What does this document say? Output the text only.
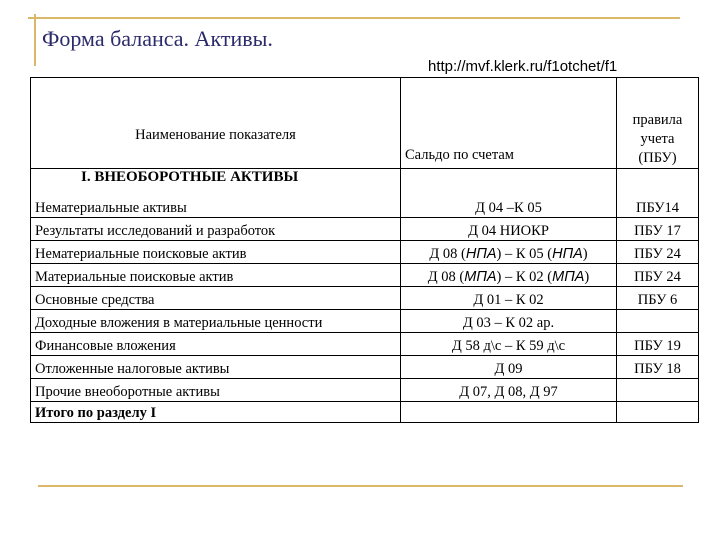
Форма баланса. Активы.
http://mvf.klerk.ru/f1otchet/f1
Наименование показателя	Сальдо по счетам	правила
учета
(ПБУ)

I. ВНЕОБОРОТНЫЕ АКТИВЫ		
Нематериальные активы	Д 04 –К 05	ПБУ14
Результаты исследований и разработок	Д 04 НИОКР	ПБУ 17
Нематериальные поисковые актив	Д 08 (НПА) – К 05 (НПА)	ПБУ 24
Материальные поисковые актив	Д 08 (МПА) – К 02 (МПА)	ПБУ 24
Основные средства	Д 01 – К 02	ПБУ 6
Доходные вложения в материальные ценности	Д 03 – К 02 ар.	
Финансовые вложения	Д 58 д\с – К 59 д\с	ПБУ 19
Отложенные налоговые активы	Д 09	ПБУ 18
Прочие внеоборотные активы	Д 07, Д 08, Д 97	
Итого по разделу I		
